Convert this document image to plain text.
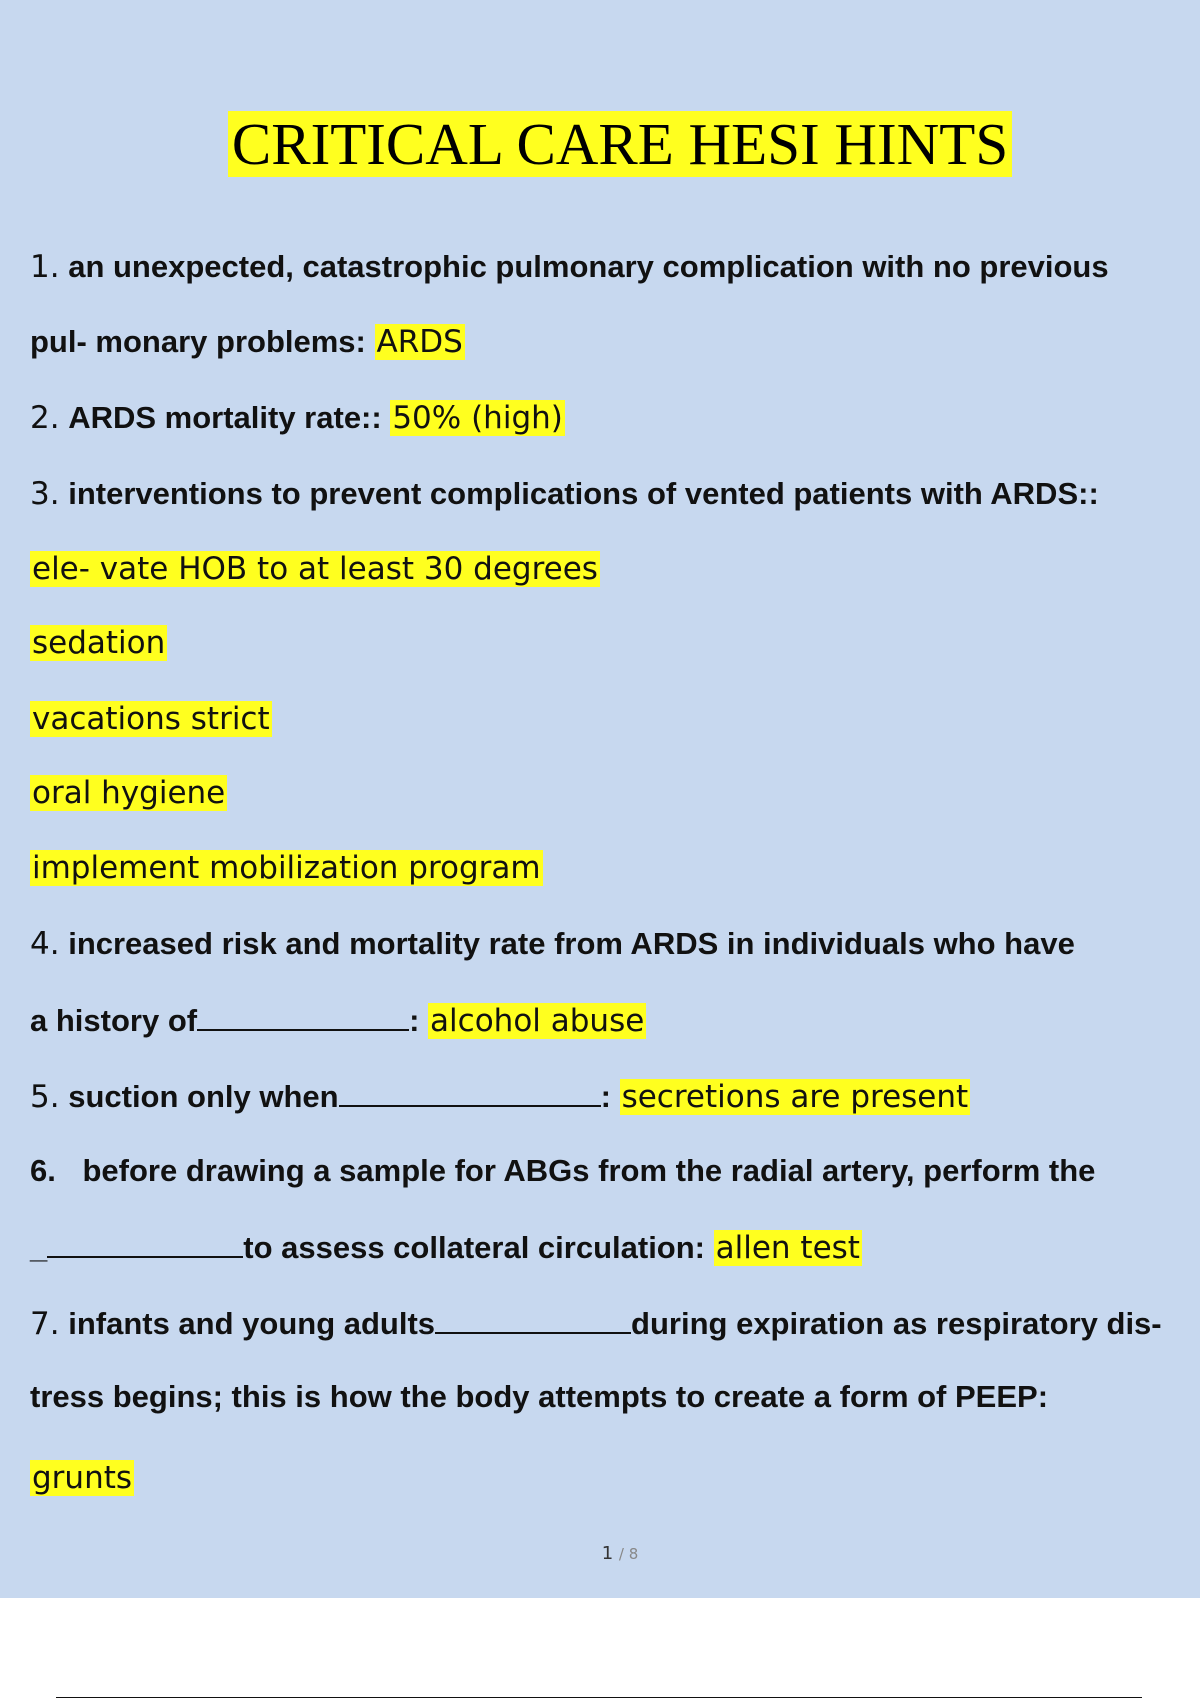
CRITICAL CARE HESI HINTS
1. an unexpected, catastrophic pulmonary complication with no previous
pul- monary problems: ARDS
2. ARDS mortality rate:: 50% (high)
3. interventions to prevent complications of vented patients with ARDS::
ele- vate HOB to at least 30 degrees
sedation
vacations strict
oral hygiene
implement mobilization program
4. increased risk and mortality rate from ARDS in individuals who have
a history of	: alcohol abuse
5. suction only when	: secretions are present
6. before drawing a sample for ABGs from the radial artery, perform the
_	to assess collateral circulation: allen test
7. infants and young adults	during expiration as respiratory dis-
tress begins; this is how the body attempts to create a form of PEEP:
grunts
1 / 8
